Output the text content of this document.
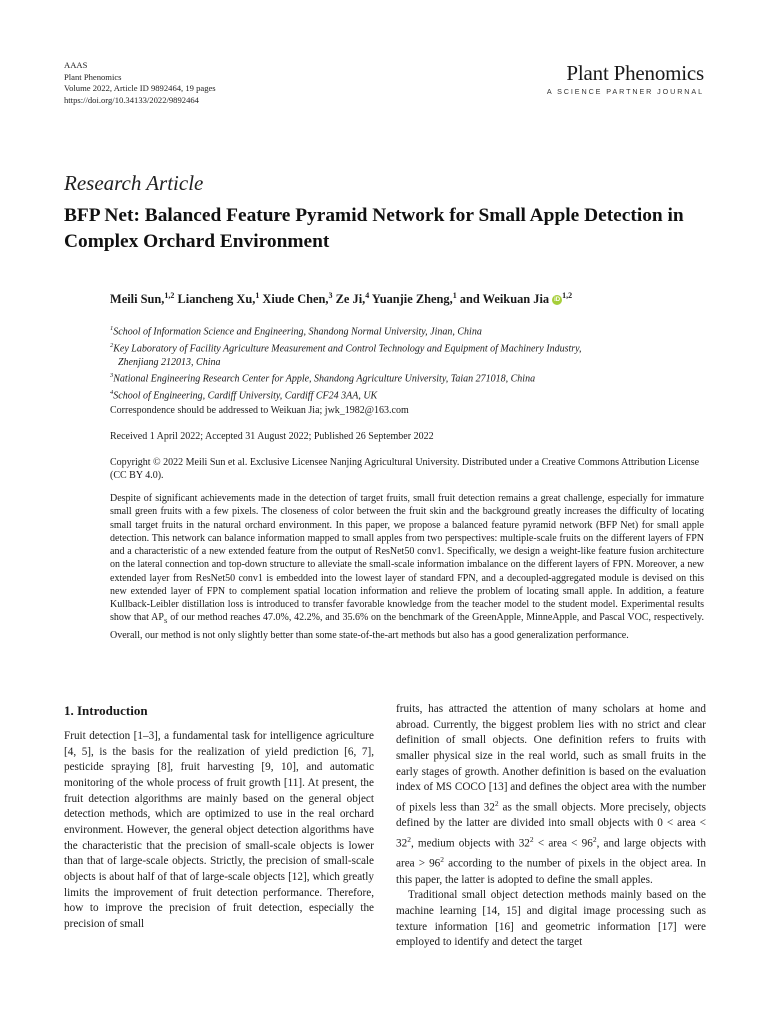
AAAS
Plant Phenomics
Volume 2022, Article ID 9892464, 19 pages
https://doi.org/10.34133/2022/9892464
Plant Phenomics
A SCIENCE PARTNER JOURNAL
Research Article
BFP Net: Balanced Feature Pyramid Network for Small Apple Detection in Complex Orchard Environment
Meili Sun,$^{1,2}$ Liancheng Xu,$^1$ Xiude Chen,$^3$ Ze Ji,$^4$ Yuanjie Zheng,$^1$ and Weikuan Jia iD$^{1,2}$
$^1$School of Information Science and Engineering, Shandong Normal University, Jinan, China
$^2$Key Laboratory of Facility Agriculture Measurement and Control Technology and Equipment of Machinery Industry,
Zhenjiang 212013, China
$^3$National Engineering Research Center for Apple, Shandong Agriculture University, Taian 271018, China
$^4$School of Engineering, Cardiff University, Cardiff CF24 3AA, UK
Correspondence should be addressed to Weikuan Jia; jwk_1982@163.com
Received 1 April 2022; Accepted 31 August 2022; Published 26 September 2022
Copyright © 2022 Meili Sun et al. Exclusive Licensee Nanjing Agricultural University. Distributed under a Creative Commons Attribution License (CC BY 4.0).
Despite of significant achievements made in the detection of target fruits, small fruit detection remains a great challenge, especially for immature small green fruits with a few pixels. The closeness of color between the fruit skin and the background greatly increases the difficulty of locating small target fruits in the natural orchard environment. In this paper, we propose a balanced feature pyramid network (BFP Net) for small apple detection. This network can balance information mapped to small apples from two perspectives: multiple-scale fruits on the different layers of FPN and a characteristic of a new extended feature from the output of ResNet50 conv1. Specifically, we design a weight-like feature fusion architecture on the lateral connection and top-down structure to alleviate the small-scale information imbalance on the different layers of FPN. Moreover, a new extended layer from ResNet50 conv1 is embedded into the lowest layer of standard FPN, and a decoupled-aggregated module is devised on this new extended layer of FPN to complement spatial location information and relieve the problem of locating small apple. In addition, a feature Kullback-Leibler distillation loss is introduced to transfer favorable knowledge from the teacher model to the student model. Experimental results show that $AP_S$ of our method reaches 47.0%, 42.2%, and 35.6% on the benchmark of the GreenApple, MinneApple, and Pascal VOC, respectively. Overall, our method is not only slightly better than some state-of-the-art methods but also has a good generalization performance.
1. Introduction

Fruit detection [1–3], a fundamental task for intelligence agriculture [4, 5], is the basis for the realization of yield prediction [6, 7], pesticide spraying [8], fruit harvesting [9, 10], and automatic monitoring of the whole process of fruit growth [11]. At present, the fruit detection algorithms are mainly based on the general object detection methods, which are optimized to use in the real orchard environment. However, the general object detection algorithms have the characteristic that the precision of small-scale objects is lower than that of large-scale objects. Strictly, the precision of small-scale objects is about half of that of large-scale objects [12], which greatly limits the improvement of fruit detection performance. Therefore, how to improve the precision of fruit detection, especially the precision of small

fruits, has attracted the attention of many scholars at home and abroad. Currently, the biggest problem lies with no strict and clear definition of small objects. One definition refers to fruits with smaller physical size in the real world, such as small fruits in the early stages of growth. Another definition is based on the evaluation index of MS COCO [13] and defines the object area with the number of pixels less than $32^2$ as the small objects. More precisely, objects defined by the latter are divided into small objects with 0 < area < $32^2$, medium objects with $32^2$ < area < $96^2$, and large objects with area > $96^2$ according to the number of pixels in the object area. In this paper, the latter is adopted to define the small apples.

Traditional small object detection methods mainly based on the machine learning [14, 15] and digital image processing such as texture information [16] and geometric information [17] were employed to identify and detect the target
